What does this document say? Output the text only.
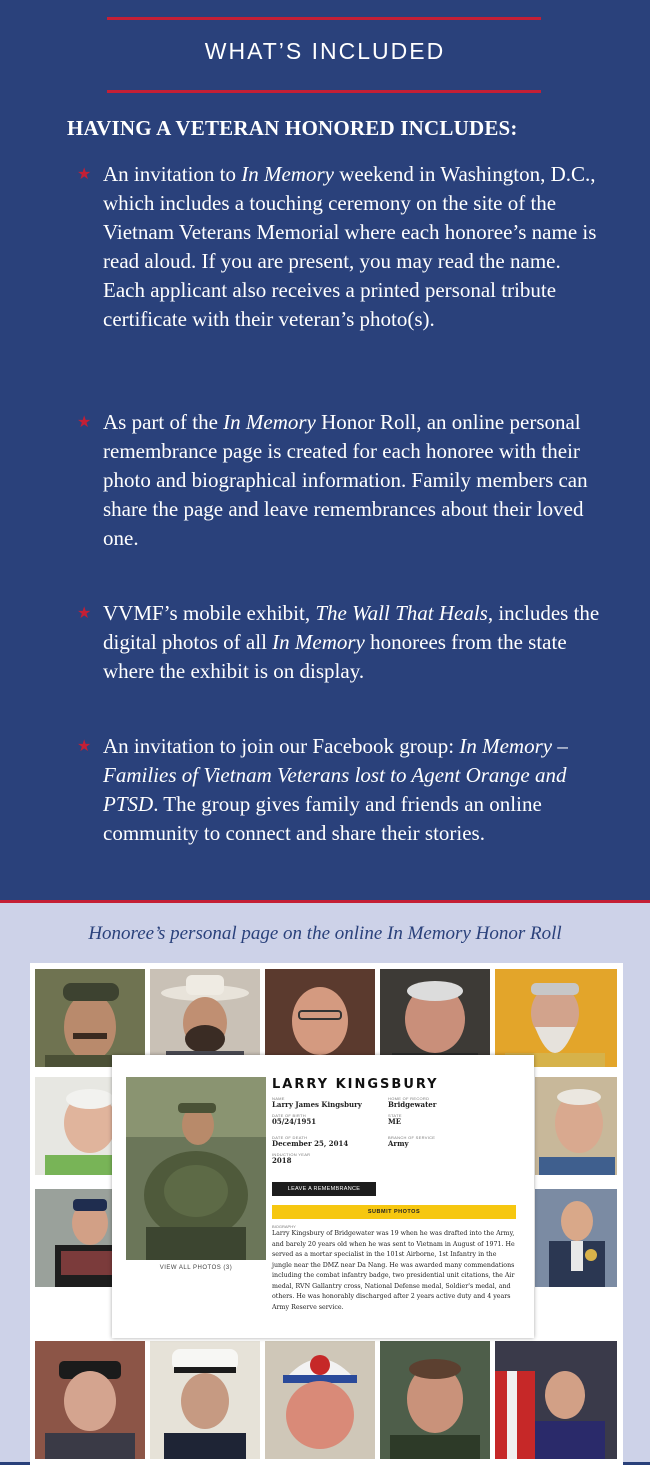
WHAT’S INCLUDED
HAVING A VETERAN HONORED INCLUDES:
★ An invitation to In Memory weekend in Washington, D.C., which includes a touching ceremony on the site of the Vietnam Veterans Memorial where each honoree’s name is read aloud. If you are present, you may read the name. Each applicant also receives a printed personal tribute certificate with their veteran’s photo(s).
★ As part of the In Memory Honor Roll, an online personal remembrance page is created for each honoree with their photo and biographical information. Family members can share the page and leave remembrances about their loved one.
★ VVMF’s mobile exhibit, The Wall That Heals, includes the digital photos of all In Memory honorees from the state where the exhibit is on display.
★ An invitation to join our Facebook group: In Memory – Families of Vietnam Veterans lost to Agent Orange and PTSD. The group gives family and friends an online community to connect and share their stories.
Honoree’s personal page on the online In Memory Honor Roll
VIEW ALL PHOTOS (3)
LARRY KINGSBURY
NAME
Larry James Kingsbury
HOME OF RECORD
Bridgewater
DATE OF BIRTH
05/24/1951
STATE
ME
DATE OF DEATH
December 25, 2014
BRANCH OF SERVICE
Army
INDUCTION YEAR
2018
LEAVE A REMEMBRANCE
SUBMIT PHOTOS
BIOGRAPHY
Larry Kingsbury of Bridgewater was 19 when he was drafted into the Army, and barely 20 years old when he was sent to Vietnam in August of 1971. He served as a mortar specialist in the 101st Airborne, 1st Infantry in the jungle near the DMZ near Da Nang. He was awarded many commendations including the combat infantry badge, two presidential unit citations, the Air medal, RVN Gallantry cross, National Defense medal, Soldier's medal, and others. He was honorably discharged after 2 years active duty and 4 years Army Reserve service.
